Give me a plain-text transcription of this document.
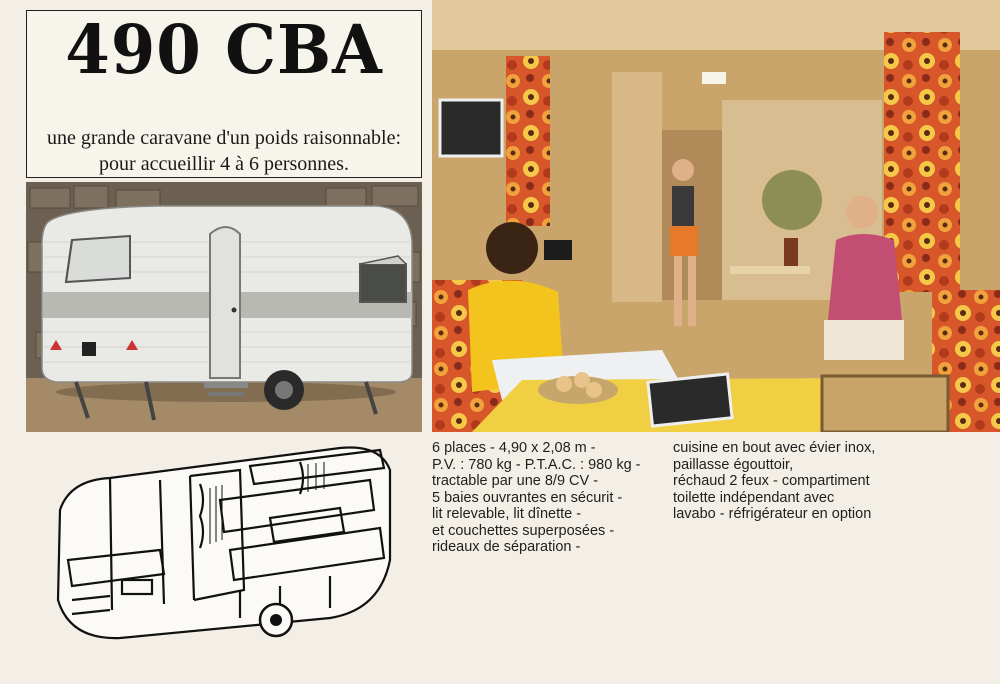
490 CBA
une grande caravane d'un poids raisonnable:
pour accueillir 4 à 6 personnes.
6 places - 4,90 x 2,08 m -
P.V. : 780 kg - P.T.A.C. : 980 kg -
tractable par une 8/9 CV -
5 baies ouvrantes en sécurit -
lit relevable, lit dînette -
et couchettes superposées -
rideaux de séparation -
cuisine en bout avec évier inox,
paillasse égouttoir,
réchaud 2 feux - compartiment
toilette indépendant avec
lavabo - réfrigérateur en option
